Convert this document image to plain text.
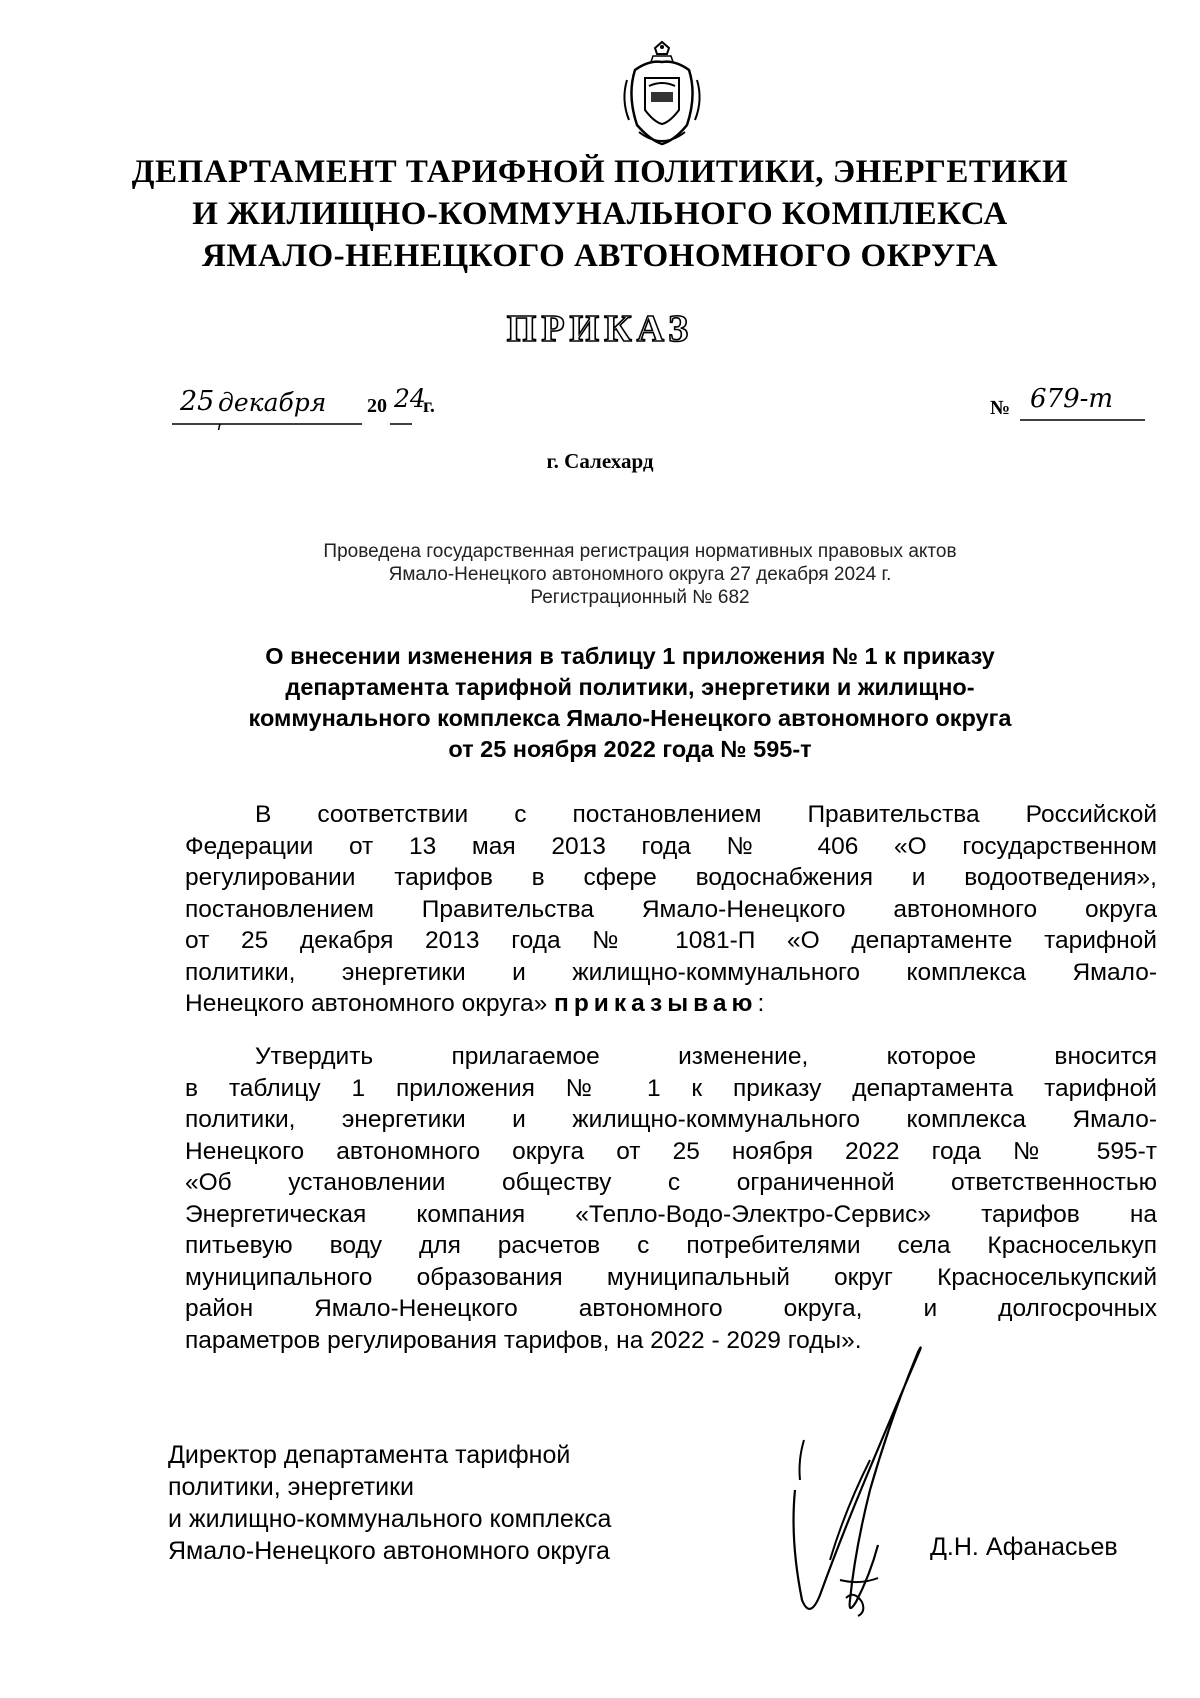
ДЕПАРТАМЕНТ ТАРИФНОЙ ПОЛИТИКИ, ЭНЕРГЕТИКИ
И ЖИЛИЩНО-КОММУНАЛЬНОГО КОМПЛЕКСА
ЯМАЛО-НЕНЕЦКОГО АВТОНОМНОГО ОКРУГА
ПРИКАЗ
25 декабря 20 24
г.	№ 679-т
г. Салехард
Проведена государственная регистрация нормативных правовых актов
Ямало-Ненецкого автономного округа 27 декабря 2024 г.
Регистрационный № 682
О внесении изменения в таблицу 1 приложения № 1 к приказу
департамента тарифной политики, энергетики и жилищно-
коммунального комплекса Ямало-Ненецкого автономного округа
от 25 ноября 2022 года № 595-т
В соответствии с постановлением Правительства Российской
Федерации от 13 мая 2013 года № 406 «О государственном
регулировании тарифов в сфере водоснабжения и водоотведения»,
постановлением Правительства Ямало-Ненецкого автономного округа
от 25 декабря 2013 года № 1081-П «О департаменте тарифной
политики, энергетики и жилищно-коммунального комплекса Ямало-
Ненецкого автономного округа» приказываю:
Утвердить прилагаемое изменение, которое вносится
в таблицу 1 приложения № 1 к приказу департамента тарифной
политики, энергетики и жилищно-коммунального комплекса Ямало-
Ненецкого автономного округа от 25 ноября 2022 года № 595-т
«Об установлении обществу с ограниченной ответственностью
Энергетическая компания «Тепло-Водо-Электро-Сервис» тарифов на
питьевую воду для расчетов с потребителями села Красноселькуп
муниципального образования муниципальный округ Красноселькупский
район Ямало-Ненецкого автономного округа, и долгосрочных
параметров регулирования тарифов, на 2022 - 2029 годы».
Директор департамента тарифной
политики, энергетики
и жилищно-коммунального комплекса
Ямало-Ненецкого автономного округа	Д.Н. Афанасьев
